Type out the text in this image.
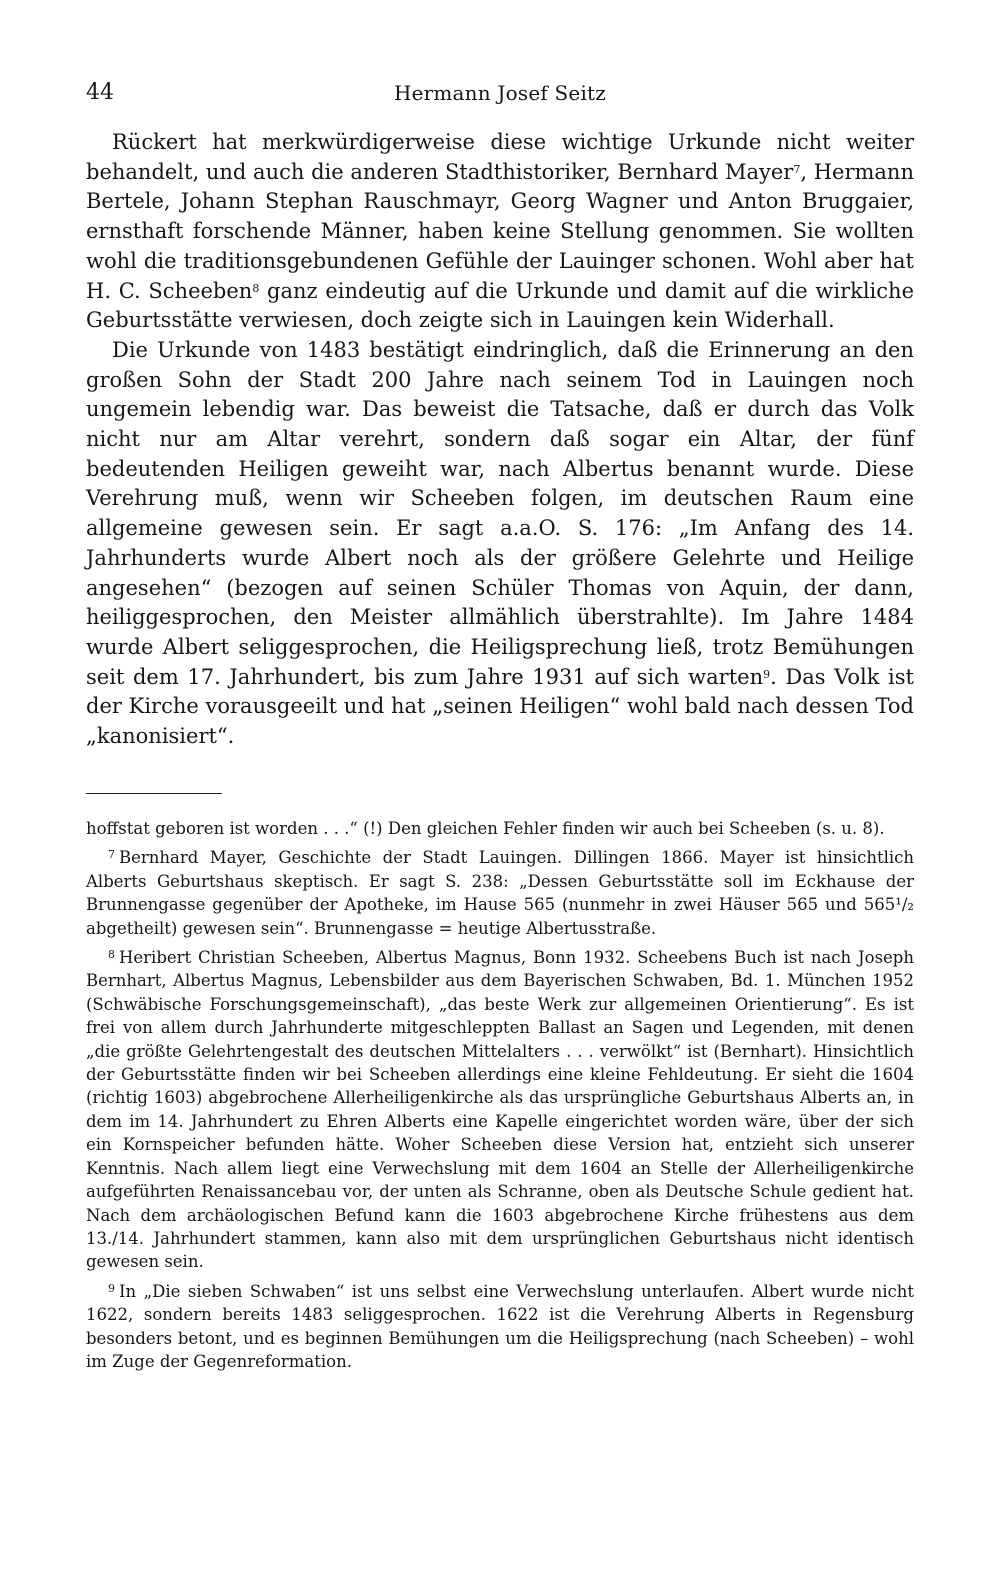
44	Hermann Josef Seitz

Rückert hat merkwürdigerweise diese wichtige Urkunde nicht weiter behandelt, und auch die anderen Stadthistoriker, Bernhard Mayer$^7$, Hermann Bertele, Johann Stephan Rauschmayr, Georg Wagner und Anton Bruggaier, ernsthaft forschende Männer, haben keine Stellung genommen. Sie wollten wohl die traditionsgebundenen Gefühle der Lauinger schonen. Wohl aber hat H. C. Scheeben$^8$ ganz eindeutig auf die Urkunde und damit auf die wirkliche Geburtsstätte verwiesen, doch zeigte sich in Lauingen kein Widerhall.

Die Urkunde von 1483 bestätigt eindringlich, daß die Erinnerung an den großen Sohn der Stadt 200 Jahre nach seinem Tod in Lauingen noch ungemein lebendig war. Das beweist die Tatsache, daß er durch das Volk nicht nur am Altar verehrt, sondern daß sogar ein Altar, der fünf bedeutenden Heiligen geweiht war, nach Albertus benannt wurde. Diese Verehrung muß, wenn wir Scheeben folgen, im deutschen Raum eine allgemeine gewesen sein. Er sagt a.a.O. S. 176: „Im Anfang des 14. Jahrhunderts wurde Albert noch als der größere Gelehrte und Heilige angesehen“ (bezogen auf seinen Schüler Thomas von Aquin, der dann, heiliggesprochen, den Meister allmählich überstrahlte). Im Jahre 1484 wurde Albert seliggesprochen, die Heiligsprechung ließ, trotz Bemühungen seit dem 17. Jahrhundert, bis zum Jahre 1931 auf sich warten$^9$. Das Volk ist der Kirche vorausgeeilt und hat „seinen Heiligen“ wohl bald nach dessen Tod „kanonisiert“.

hoffstat geboren ist worden . . .“ (!) Den gleichen Fehler finden wir auch bei Scheeben (s. u. 8).

$^7$ Bernhard Mayer, Geschichte der Stadt Lauingen. Dillingen 1866. Mayer ist hinsichtlich Alberts Geburtshaus skeptisch. Er sagt S. 238: „Dessen Geburtsstätte soll im Eckhause der Brunnengasse gegenüber der Apotheke, im Hause 565 (nunmehr in zwei Häuser 565 und 565¹/₂ abgetheilt) gewesen sein“. Brunnengasse = heutige Albertusstraße.

$^8$ Heribert Christian Scheeben, Albertus Magnus, Bonn 1932. Scheebens Buch ist nach Joseph Bernhart, Albertus Magnus, Lebensbilder aus dem Bayerischen Schwaben, Bd. 1. München 1952 (Schwäbische Forschungsgemeinschaft), „das beste Werk zur allgemeinen Orientierung“. Es ist frei von allem durch Jahrhunderte mitgeschleppten Ballast an Sagen und Legenden, mit denen „die größte Gelehrtengestalt des deutschen Mittelalters . . . verwölkt“ ist (Bernhart). Hinsichtlich der Geburtsstätte finden wir bei Scheeben allerdings eine kleine Fehldeutung. Er sieht die 1604 (richtig 1603) abgebrochene Allerheiligenkirche als das ursprüngliche Geburtshaus Alberts an, in dem im 14. Jahrhundert zu Ehren Alberts eine Kapelle eingerichtet worden wäre, über der sich ein Kornspeicher befunden hätte. Woher Scheeben diese Version hat, entzieht sich unserer Kenntnis. Nach allem liegt eine Verwechslung mit dem 1604 an Stelle der Allerheiligenkirche aufgeführten Renaissancebau vor, der unten als Schranne, oben als Deutsche Schule gedient hat. Nach dem archäologischen Befund kann die 1603 abgebrochene Kirche frühestens aus dem 13./14. Jahrhundert stammen, kann also mit dem ursprünglichen Geburtshaus nicht identisch gewesen sein.

$^9$ In „Die sieben Schwaben“ ist uns selbst eine Verwechslung unterlaufen. Albert wurde nicht 1622, sondern bereits 1483 seliggesprochen. 1622 ist die Verehrung Alberts in Regensburg besonders betont, und es beginnen Bemühungen um die Heiligsprechung (nach Scheeben) – wohl im Zuge der Gegenreformation.
